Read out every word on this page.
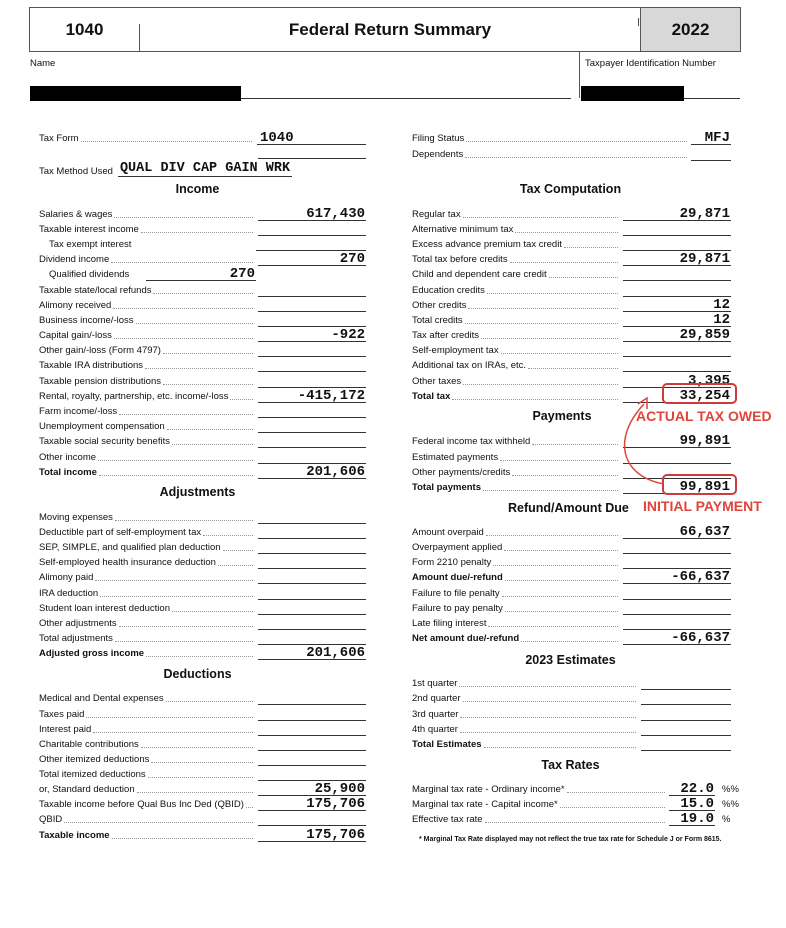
1040	Federal Return Summary	2022
Name	Taxpayer Identification Number
Tax Form	1040
Tax Method Used QUAL DIV CAP GAIN WRK
Filing Status	MFJ
Dependents
Income
Adjustments
Deductions
Tax Computation
Payments
Refund/Amount Due
2023 Estimates
Tax Rates
Salaries & wages	617,430
Taxable interest income
Tax exempt interest
Dividend income	270
Qualified dividends	270
Taxable state/local refunds
Alimony received
Business income/-loss
Capital gain/-loss	-922
Other gain/-loss (Form 4797)
Taxable IRA distributions
Taxable pension distributions
Rental, royalty, partnership, etc. income/-loss	-415,172
Farm income/-loss
Unemployment compensation
Taxable social security benefits
Other income
Total income	201,606
Moving expenses
Deductible part of self-employment tax
SEP, SIMPLE, and qualified plan deduction
Self-employed health insurance deduction
Alimony paid
IRA deduction
Student loan interest deduction
Other adjustments
Total adjustments
Adjusted gross income	201,606
Medical and Dental expenses
Taxes paid
Interest paid
Charitable contributions
Other itemized deductions
Total itemized deductions
or, Standard deduction	25,900
Taxable income before Qual Bus Inc Ded (QBID)	175,706
QBID
Taxable income	175,706
Regular tax	29,871
Alternative minimum tax
Excess advance premium tax credit
Total tax before credits	29,871
Child and dependent care credit
Education credits
Other credits	12
Total credits	12
Tax after credits	29,859
Self-employment tax
Additional tax on IRAs, etc.
Other taxes	3,395
Total tax	33,254
Federal income tax withheld	99,891
Estimated payments
Other payments/credits
Total payments	99,891
Amount overpaid	66,637
Overpayment applied
Form 2210 penalty
Amount due/-refund	-66,637
Failure to file penalty
Failure to pay penalty
Late filing interest
Net amount due/-refund	-66,637
1st quarter
2nd quarter
3rd quarter
4th quarter
Total Estimates
Marginal tax rate - Ordinary income*	22.0 %%
Marginal tax rate - Capital income*	15.0 %%
Effective tax rate	19.0 %
ACTUAL TAX OWED
INITIAL PAYMENT
* Marginal Tax Rate displayed may not reflect the true tax rate for Schedule J or Form 8615.
